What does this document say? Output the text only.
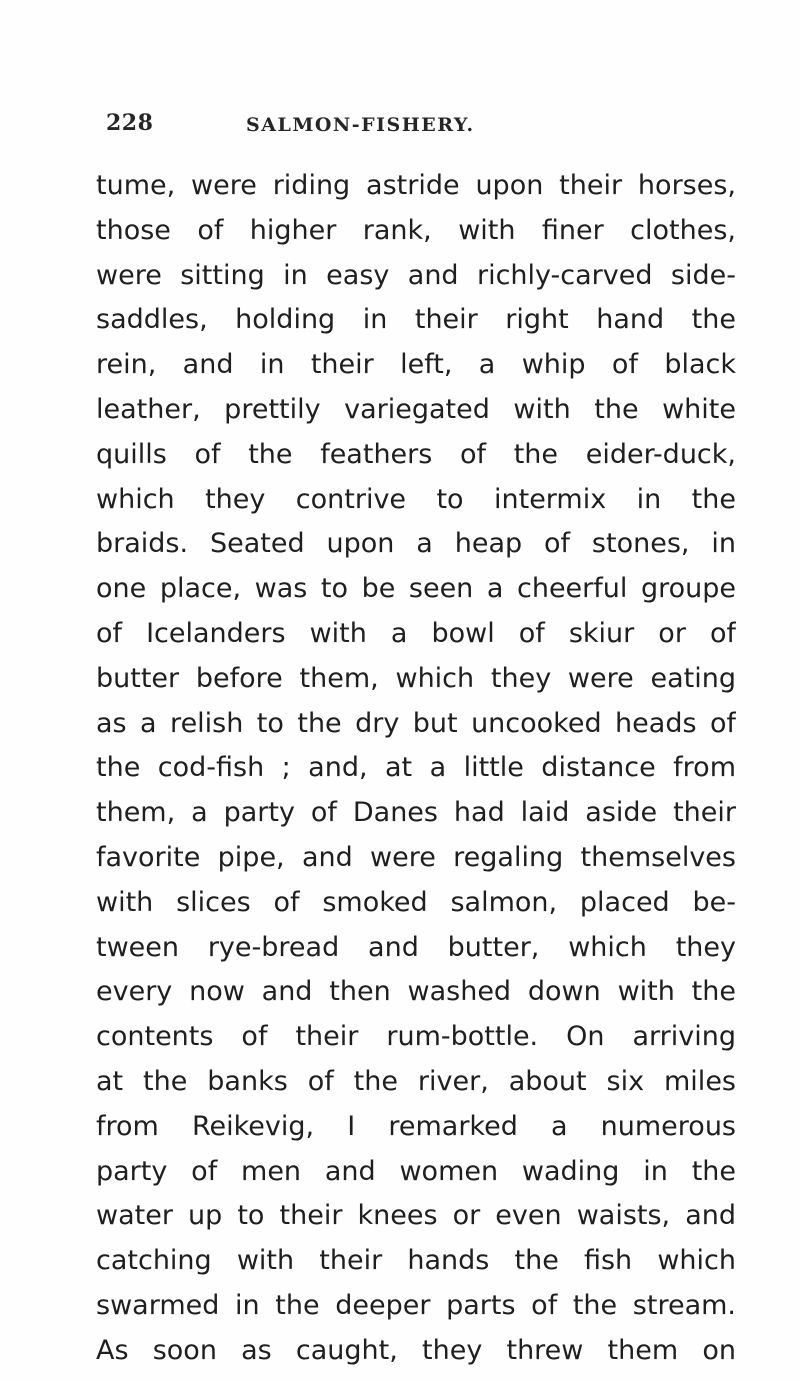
228	SALMON-FISHERY.
tume, were riding astride upon their horses,
those of higher rank, with finer clothes,
were sitting in easy and richly-carved side-
saddles, holding in their right hand the
rein, and in their left, a whip of black
leather, prettily variegated with the white
quills of the feathers of the eider-duck,
which they contrive to intermix in the
braids. Seated upon a heap of stones, in
one place, was to be seen a cheerful groupe
of Icelanders with a bowl of skiur or of
butter before them, which they were eating
as a relish to the dry but uncooked heads of
the cod-fish ; and, at a little distance from
them, a party of Danes had laid aside their
favorite pipe, and were regaling themselves
with slices of smoked salmon, placed be-
tween rye-bread and butter, which they
every now and then washed down with the
contents of their rum-bottle. On arriving
at the banks of the river, about six miles
from Reikevig, I remarked a numerous
party of men and women wading in the
water up to their knees or even waists, and
catching with their hands the fish which
swarmed in the deeper parts of the stream.
As soon as caught, they threw them on
